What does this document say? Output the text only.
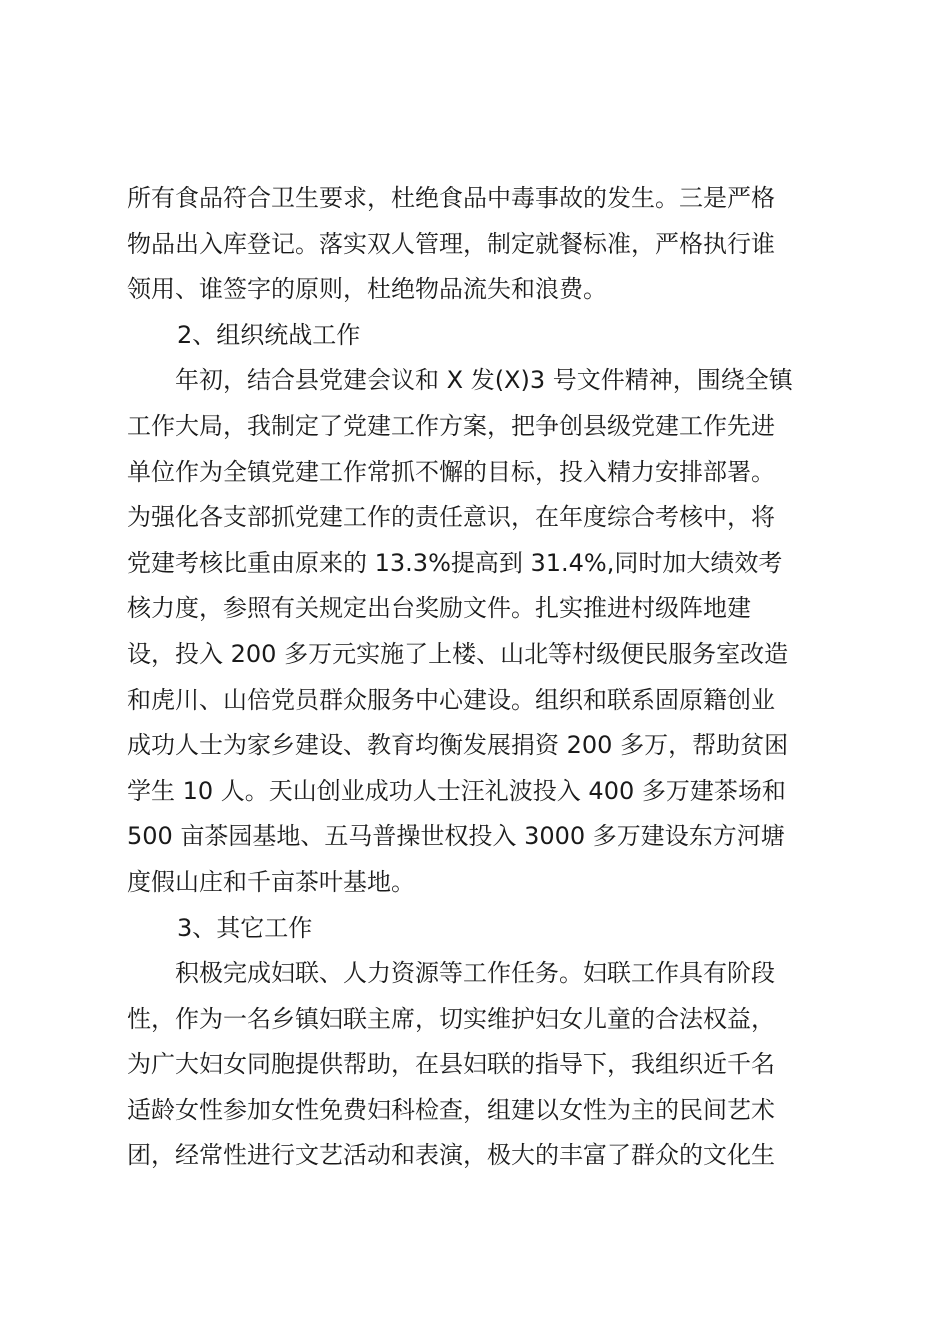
所有食品符合卫生要求，杜绝食品中毒事故的发生。三是严格
物品出入库登记。落实双人管理，制定就餐标准，严格执行谁
领用、谁签字的原则，杜绝物品流失和浪费。
2、组织统战工作
年初，结合县党建会议和 X 发(X)3 号文件精神，围绕全镇
工作大局，我制定了党建工作方案，把争创县级党建工作先进
单位作为全镇党建工作常抓不懈的目标，投入精力安排部署。
为强化各支部抓党建工作的责任意识，在年度综合考核中，将
党建考核比重由原来的 13.3%提高到 31.4%,同时加大绩效考
核力度，参照有关规定出台奖励文件。扎实推进村级阵地建
设，投入 200 多万元实施了上楼、山北等村级便民服务室改造
和虎川、山倍党员群众服务中心建设。组织和联系固原籍创业
成功人士为家乡建设、教育均衡发展捐资 200 多万，帮助贫困
学生 10 人。天山创业成功人士汪礼波投入 400 多万建茶场和
500 亩茶园基地、五马普操世权投入 3000 多万建设东方河塘
度假山庄和千亩茶叶基地。
3、其它工作
积极完成妇联、人力资源等工作任务。妇联工作具有阶段
性，作为一名乡镇妇联主席，切实维护妇女儿童的合法权益，
为广大妇女同胞提供帮助，在县妇联的指导下，我组织近千名
适龄女性参加女性免费妇科检查，组建以女性为主的民间艺术
团，经常性进行文艺活动和表演，极大的丰富了群众的文化生
